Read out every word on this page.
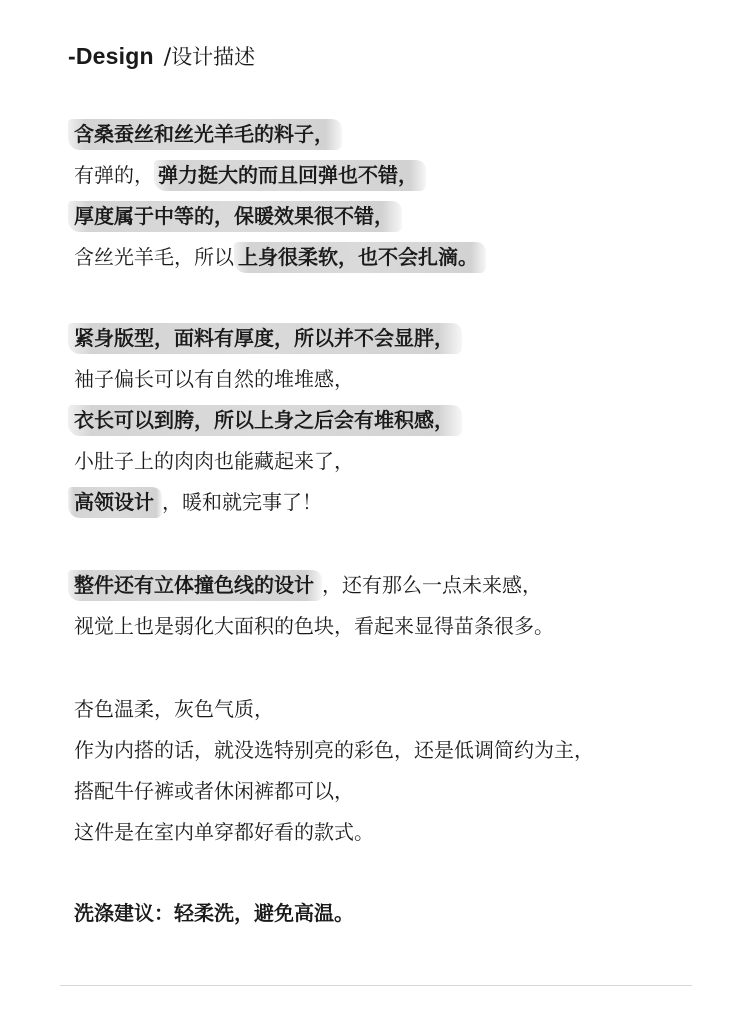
-Design / 设计描述
含桑蚕丝和丝光羊毛的料子，
有弹的， 弹力挺大的而且回弹也不错，
厚度属于中等的，保暖效果很不错，
含丝光羊毛，所以 上身很柔软，也不会扎滴。
紧身版型，面料有厚度，所以并不会显胖，
袖子偏长可以有自然的堆堆感，
衣长可以到胯，所以上身之后会有堆积感，
小肚子上的肉肉也能藏起来了，
高领设计 ，暖和就完事了！
整件还有立体撞色线的设计 ，还有那么一点未来感，
视觉上也是弱化大面积的色块，看起来显得苗条很多。
杏色温柔，灰色气质，
作为内搭的话，就没选特别亮的彩色，还是低调简约为主，
搭配牛仔裤或者休闲裤都可以，
这件是在室内单穿都好看的款式。
洗涤建议：轻柔洗，避免高温。
